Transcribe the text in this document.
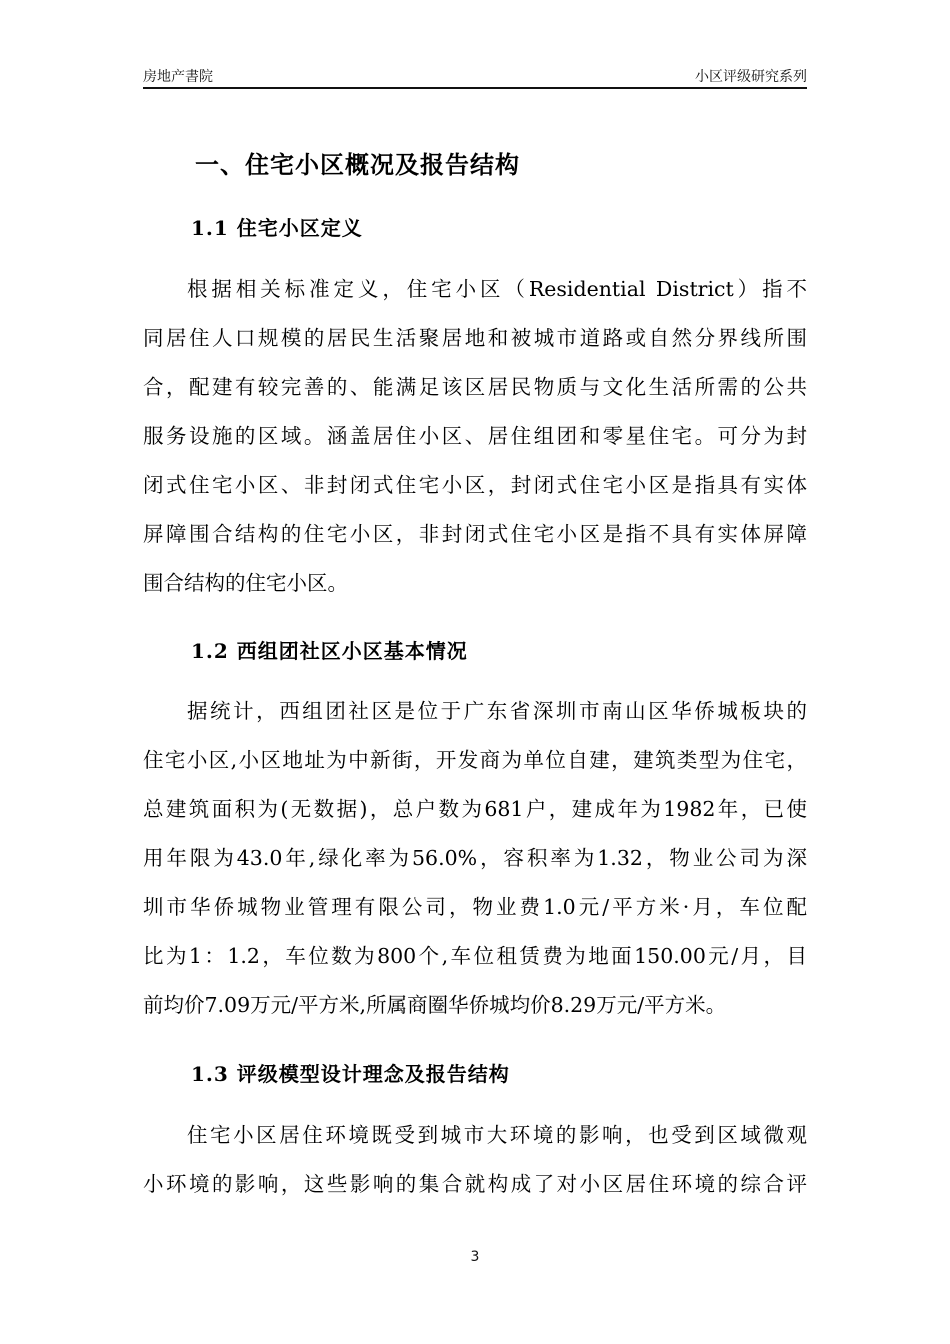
房地产書院	小区评级研究系列
一、住宅小区概况及报告结构
1.1 住宅小区定义
根据相关标准定义，住宅小区（Residential District）指不
同居住人口规模的居民生活聚居地和被城市道路或自然分界线所围
合，配建有较完善的、能满足该区居民物质与文化生活所需的公共
服务设施的区域。涵盖居住小区、居住组团和零星住宅。可分为封
闭式住宅小区、非封闭式住宅小区，封闭式住宅小区是指具有实体
屏障围合结构的住宅小区，非封闭式住宅小区是指不具有实体屏障
围合结构的住宅小区。
1.2 西组团社区小区基本情况
据统计，西组团社区是位于广东省深圳市南山区华侨城板块的
住宅小区,小区地址为中新街，开发商为单位自建，建筑类型为住宅，
总建筑面积为(无数据)，总户数为681户，建成年为1982年，已使
用年限为43.0年,绿化率为56.0%，容积率为1.32，物业公司为深
圳市华侨城物业管理有限公司，物业费1.0元/平方米·月，车位配
比为1：1.2，车位数为800个,车位租赁费为地面150.00元/月，目
前均价7.09万元/平方米,所属商圈华侨城均价8.29万元/平方米。
1.3 评级模型设计理念及报告结构
住宅小区居住环境既受到城市大环境的影响，也受到区域微观
小环境的影响，这些影响的集合就构成了对小区居住环境的综合评
3
